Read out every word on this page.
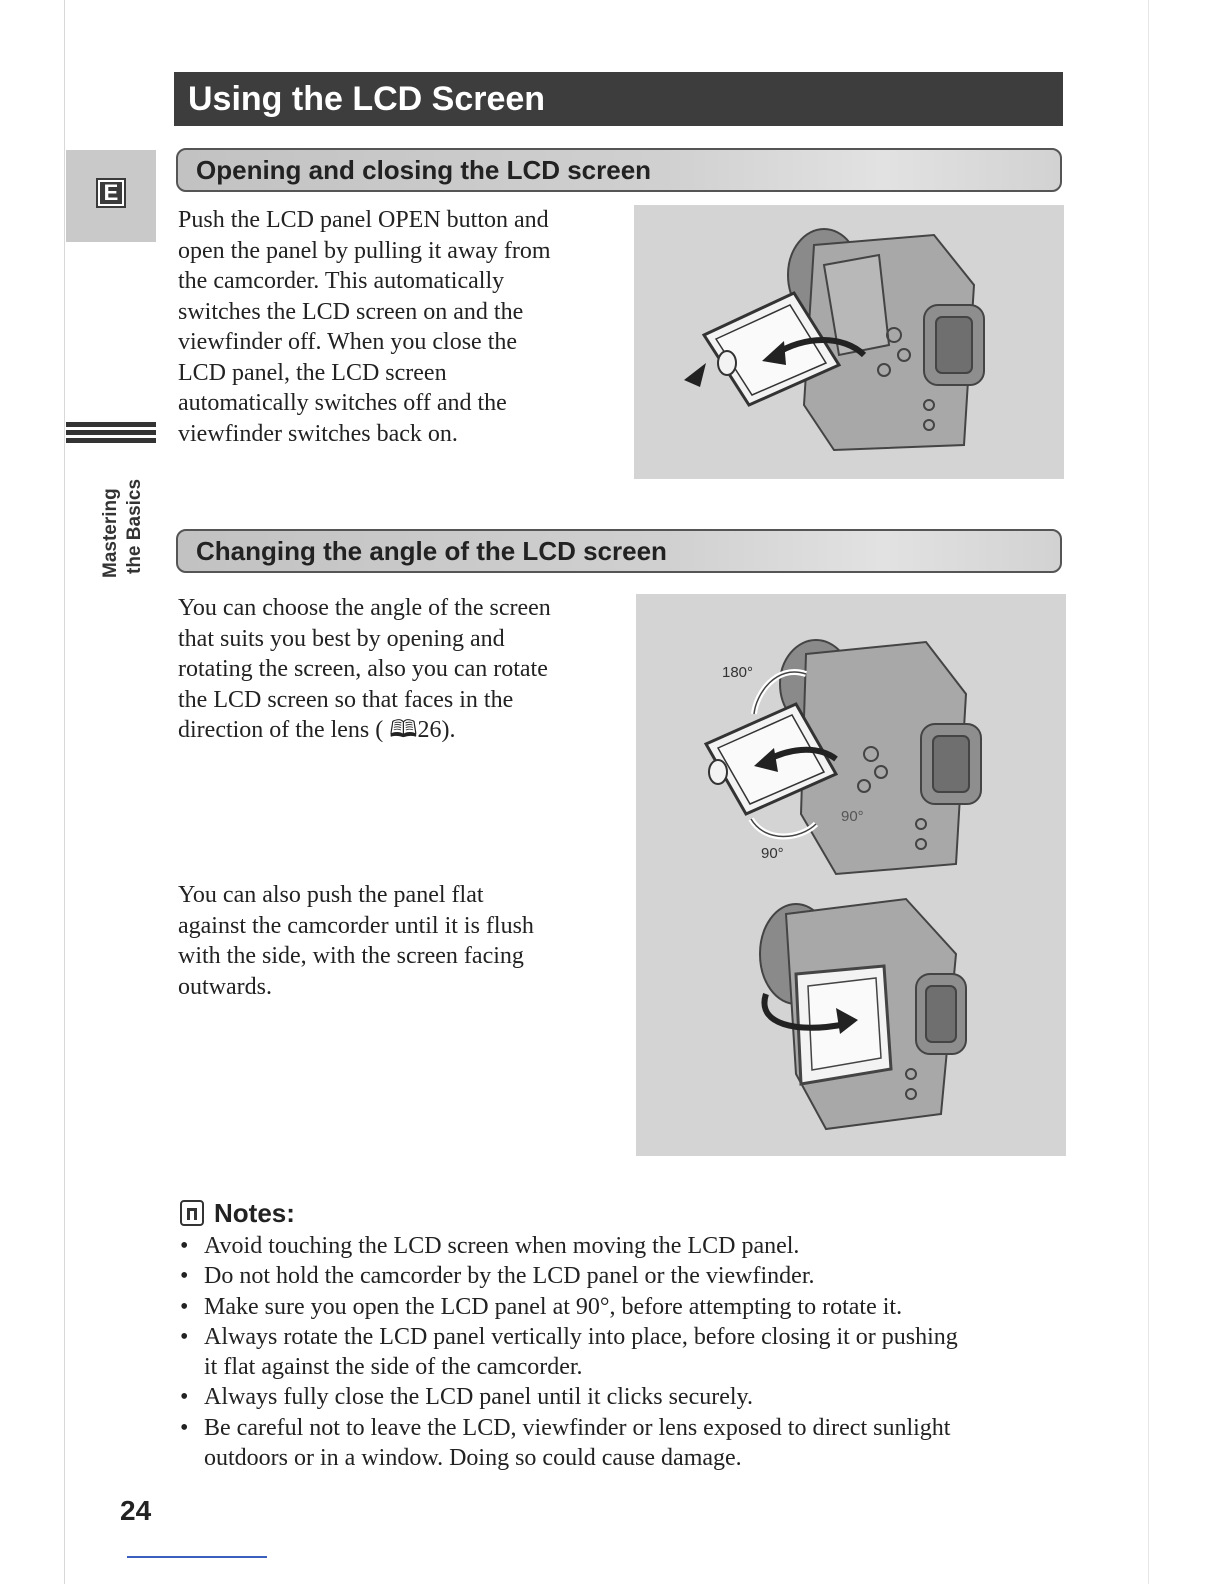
E
Mastering the Basics
Using the LCD Screen
Opening and closing the LCD screen
Push the LCD panel OPEN button and
open the panel by pulling it away from
the camcorder. This automatically
switches the LCD screen on and the
viewfinder off. When you close the
LCD panel, the LCD screen
automatically switches off and the
viewfinder switches back on.
Changing the angle of the LCD screen
You can choose the angle of the screen
that suits you best by opening and
rotating the screen, also you can rotate
the LCD screen so that faces in the
direction of the lens ( 🕮26).
You can also push the panel flat
against the camcorder until it is flush
with the side, with the screen facing
outwards.
180°
90°
90°
Notes:
• Avoid touching the LCD screen when moving the LCD panel.
• Do not hold the camcorder by the LCD panel or the viewfinder.
• Make sure you open the LCD panel at 90°, before attempting to rotate it.
• Always rotate the LCD panel vertically into place, before closing it or pushing
it flat against the side of the camcorder.
• Always fully close the LCD panel until it clicks securely.
• Be careful not to leave the LCD, viewfinder or lens exposed to direct sunlight
outdoors or in a window. Doing so could cause damage.
24
